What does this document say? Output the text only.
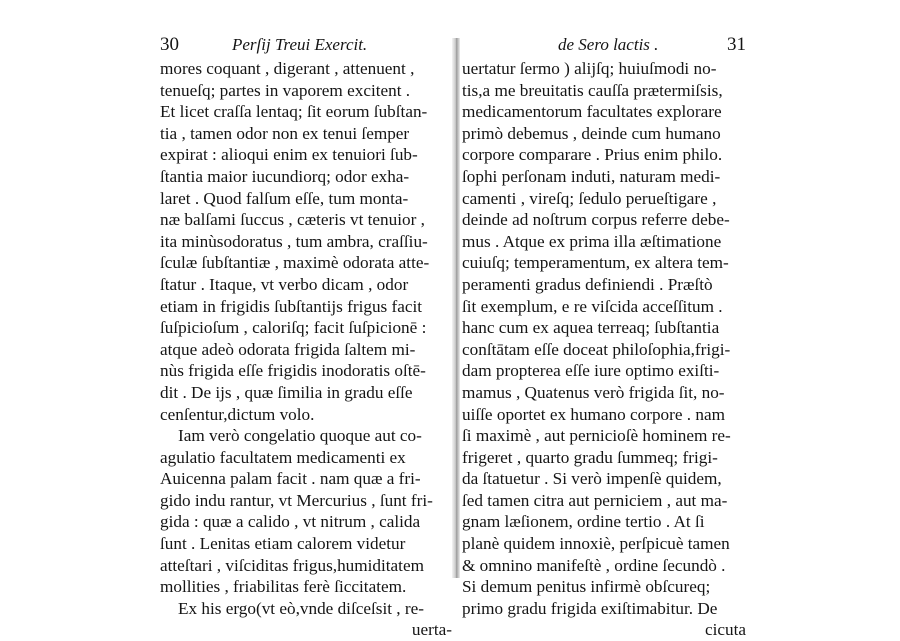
30	Perſij Treui Exercit.
mores coquant , digerant , attenuent ,
tenueſq; partes in vaporem excitent .
Et licet craſſa lentaq; ſit eorum ſubſtan-
tia , tamen odor non ex tenui ſemper
expirat : alioqui enim ex tenuiori ſub-
ſtantia maior iucundiorq; odor exha-
laret . Quod falſum eſſe, tum monta-
næ balſami ſuccus , cæteris vt tenuior ,
ita minùsodoratus , tum ambra, craſſiu-
ſculæ ſubſtantiæ , maximè odorata atte-
ſtatur . Itaque, vt verbo dicam , odor
etiam in frigidis ſubſtantijs frigus facit
ſuſpicioſum , caloriſq; facit ſuſpicionē :
atque adeò odorata frigida ſaltem mi-
nùs frigida eſſe frigidis inodoratis oſtē-
dit . De ijs , quæ ſimilia in gradu eſſe
cenſentur,dictum volo.
Iam verò congelatio quoque aut co-
agulatio facultatem medicamenti ex
Auicenna palam facit . nam quæ a fri-
gido indu rantur, vt Mercurius , ſunt fri-
gida : quæ a calido , vt nitrum , calida
ſunt . Lenitas etiam calorem videtur
atteſtari , viſciditas frigus,humiditatem
mollities , friabilitas ferè ſiccitatem.
Ex his ergo(vt eò,vnde diſceſsit , re-
uerta-
de Sero lactis .	31
uertatur ſermo ) alijſq; huiuſmodi no-
tis,a me breuitatis cauſſa prætermiſsis,
medicamentorum facultates explorare
primò debemus , deinde cum humano
corpore comparare . Prius enim philo.
ſophi perſonam induti, naturam medi-
camenti , vireſq; ſedulo perueſtigare ,
deinde ad noſtrum corpus referre debe-
mus . Atque ex prima illa æſtimatione
cuiuſq; temperamentum, ex altera tem-
peramenti gradus definiendi . Præſtò
ſit exemplum, e re viſcida acceſſitum .
hanc cum ex aquea terreaq; ſubſtantia
conſtātam eſſe doceat philoſophia,frigi-
dam propterea eſſe iure optimo exiſti-
mamus , Quatenus verò frigida ſit, no-
uiſſe oportet ex humano corpore . nam
ſi maximè , aut pernicioſè hominem re-
frigeret , quarto gradu ſummeq; frigi-
da ſtatuetur . Si verò impenſè quidem,
ſed tamen citra aut perniciem , aut ma-
gnam læſionem, ordine tertio . At ſi
planè quidem innoxiè, perſpicuè tamen
& omnino manifeſtè , ordine ſecundò .
Si demum penitus infirmè obſcureq;
primo gradu frigida exiſtimabitur. De
cicuta
